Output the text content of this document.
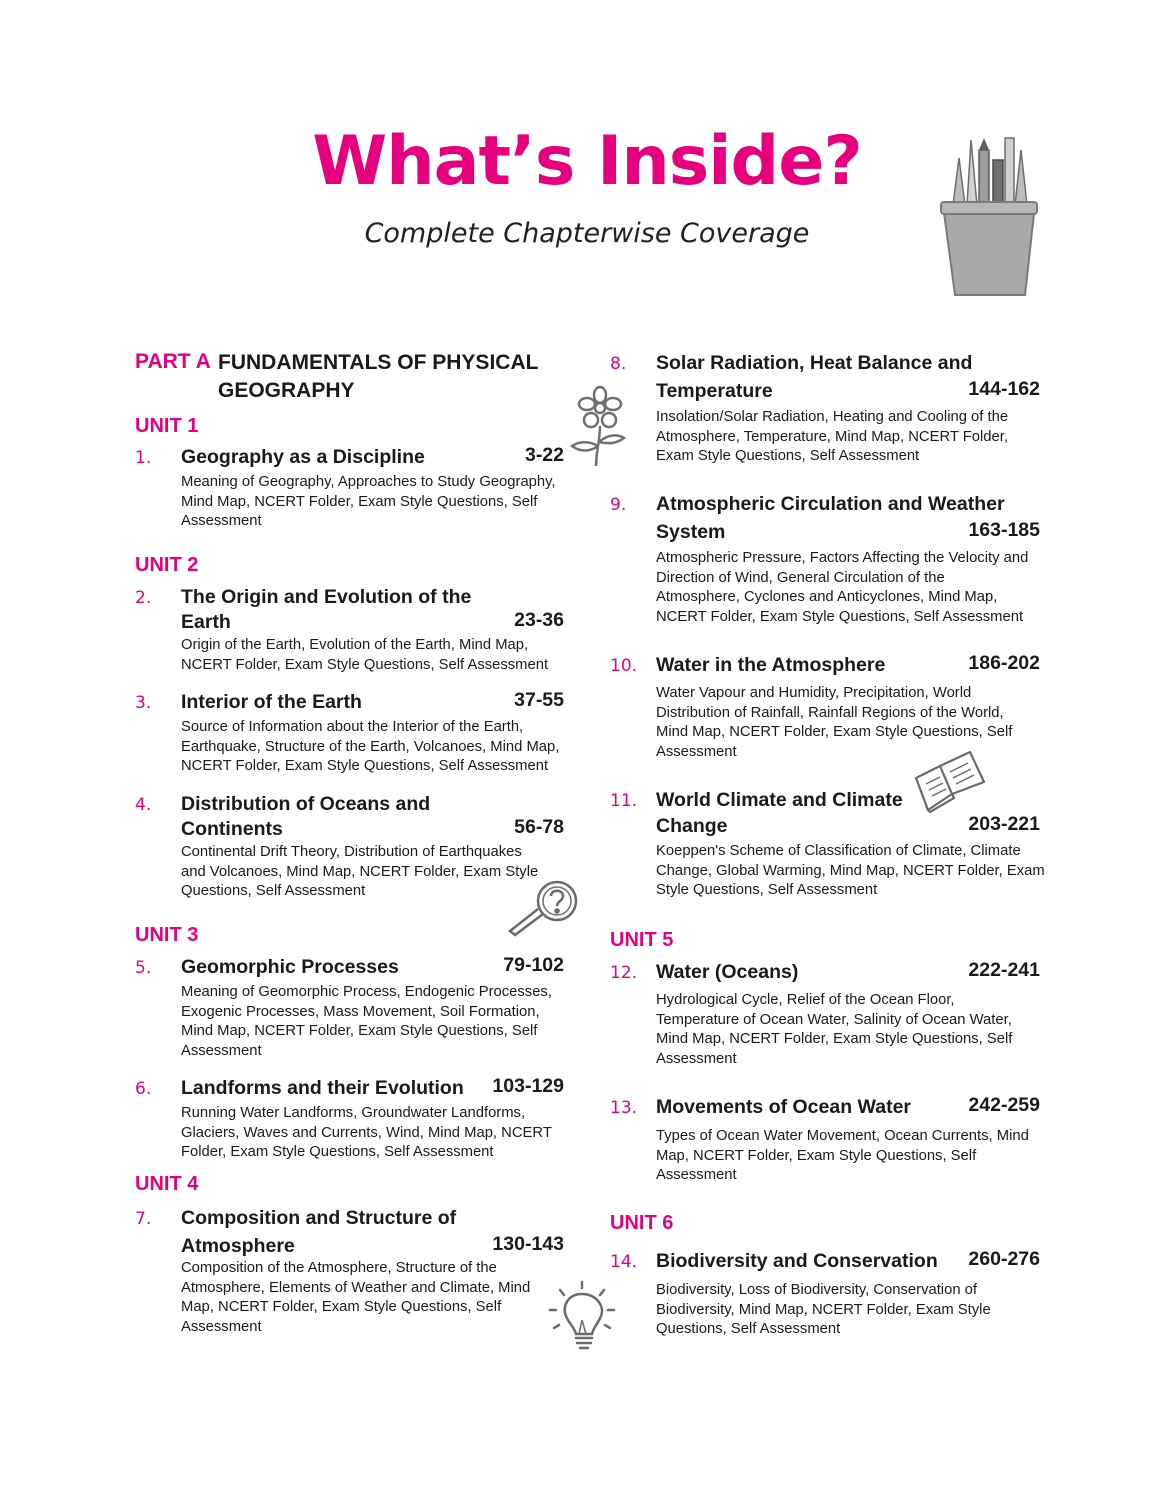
What’s Inside?
Complete Chapterwise Coverage
PART A FUNDAMENTALS OF PHYSICAL
GEOGRAPHY
UNIT 1
1. Geography as a Discipline	3-22
Meaning of Geography, Approaches to Study Geography,
Mind Map, NCERT Folder, Exam Style Questions, Self
Assessment
UNIT 2
2. The Origin and Evolution of the
Earth	23-36
Origin of the Earth, Evolution of the Earth, Mind Map,
NCERT Folder, Exam Style Questions, Self Assessment
3. Interior of the Earth	37-55
Source of Information about the Interior of the Earth,
Earthquake, Structure of the Earth, Volcanoes, Mind Map,
NCERT Folder, Exam Style Questions, Self Assessment
4. Distribution of Oceans and
Continents	56-78
Continental Drift Theory, Distribution of Earthquakes
and Volcanoes, Mind Map, NCERT Folder, Exam Style
Questions, Self Assessment
UNIT 3
5. Geomorphic Processes	79-102
Meaning of Geomorphic Process, Endogenic Processes,
Exogenic Processes, Mass Movement, Soil Formation,
Mind Map, NCERT Folder, Exam Style Questions, Self
Assessment
6. Landforms and their Evolution	103-129
Running Water Landforms, Groundwater Landforms,
Glaciers, Waves and Currents, Wind, Mind Map, NCERT
Folder, Exam Style Questions, Self Assessment
UNIT 4
7. Composition and Structure of
Atmosphere	130-143
Composition of the Atmosphere, Structure of the
Atmosphere, Elements of Weather and Climate, Mind
Map, NCERT Folder, Exam Style Questions, Self
Assessment
8. Solar Radiation, Heat Balance and
Temperature	144-162
Insolation/Solar Radiation, Heating and Cooling of the
Atmosphere, Temperature, Mind Map, NCERT Folder,
Exam Style Questions, Self Assessment
9. Atmospheric Circulation and Weather
System	163-185
Atmospheric Pressure, Factors Affecting the Velocity and
Direction of Wind, General Circulation of the
Atmosphere, Cyclones and Anticyclones, Mind Map,
NCERT Folder, Exam Style Questions, Self Assessment
10. Water in the Atmosphere	186-202
Water Vapour and Humidity, Precipitation, World
Distribution of Rainfall, Rainfall Regions of the World,
Mind Map, NCERT Folder, Exam Style Questions, Self
Assessment
11. World Climate and Climate
Change	203-221
Koeppen's Scheme of Classification of Climate, Climate
Change, Global Warming, Mind Map, NCERT Folder, Exam
Style Questions, Self Assessment
UNIT 5
12. Water (Oceans)	222-241
Hydrological Cycle, Relief of the Ocean Floor,
Temperature of Ocean Water, Salinity of Ocean Water,
Mind Map, NCERT Folder, Exam Style Questions, Self
Assessment
13. Movements of Ocean Water	242-259
Types of Ocean Water Movement, Ocean Currents, Mind
Map, NCERT Folder, Exam Style Questions, Self
Assessment
UNIT 6
14. Biodiversity and Conservation	260-276
Biodiversity, Loss of Biodiversity, Conservation of
Biodiversity, Mind Map, NCERT Folder, Exam Style
Questions, Self Assessment
